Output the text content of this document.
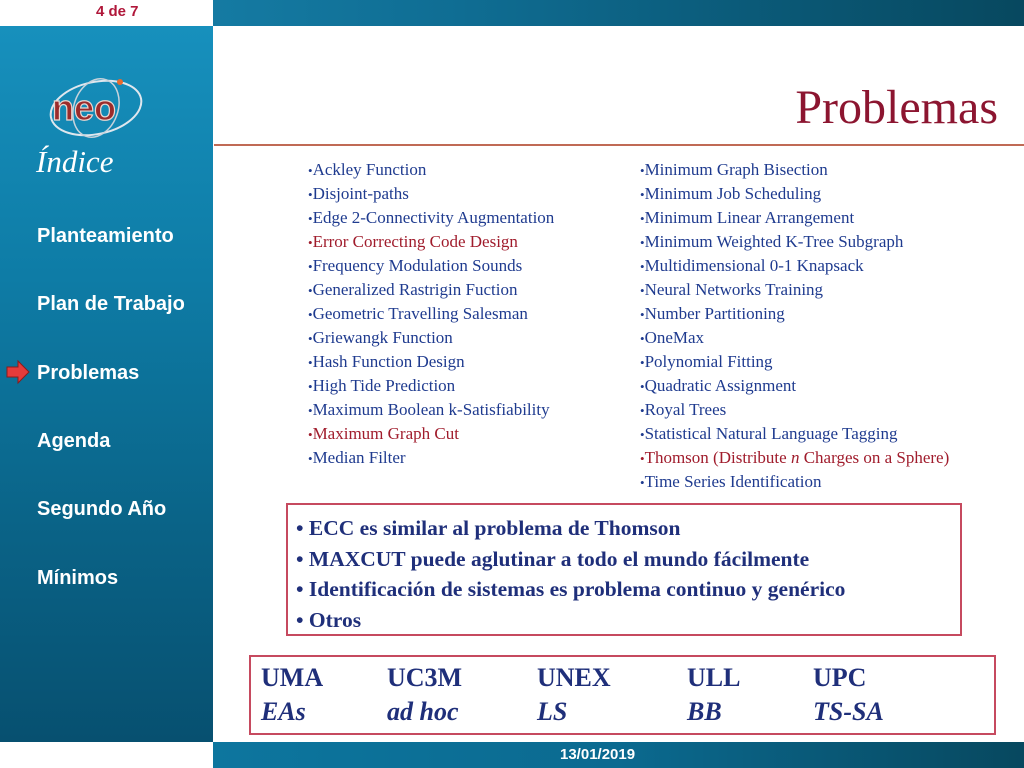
4 de 7
neo
Índice
Planteamiento
Plan de Trabajo
Problemas
Agenda
Segundo Año
Mínimos
Problemas
•Ackley Function
•Disjoint-paths
•Edge 2-Connectivity Augmentation
•Error Correcting Code Design
•Frequency Modulation Sounds
•Generalized Rastrigin Fuction
•Geometric Travelling Salesman
•Griewangk Function
•Hash Function Design
•High Tide Prediction
•Maximum Boolean k-Satisfiability
•Maximum Graph Cut
•Median Filter
•Minimum Graph Bisection
•Minimum Job Scheduling
•Minimum Linear Arrangement
•Minimum Weighted K-Tree Subgraph
•Multidimensional 0-1 Knapsack
•Neural Networks Training
•Number Partitioning
•OneMax
•Polynomial Fitting
•Quadratic Assignment
•Royal Trees
•Statistical Natural Language Tagging
•Thomson (Distribute n Charges on a Sphere)
•Time Series Identification
• ECC es similar al problema de Thomson
• MAXCUT puede aglutinar a todo el mundo fácilmente
• Identificación de sistemas es problema continuo y genérico
• Otros
UMA
EAs
UC3M
ad hoc
UNEX
LS
ULL
BB
UPC
TS-SA
13/01/2019
